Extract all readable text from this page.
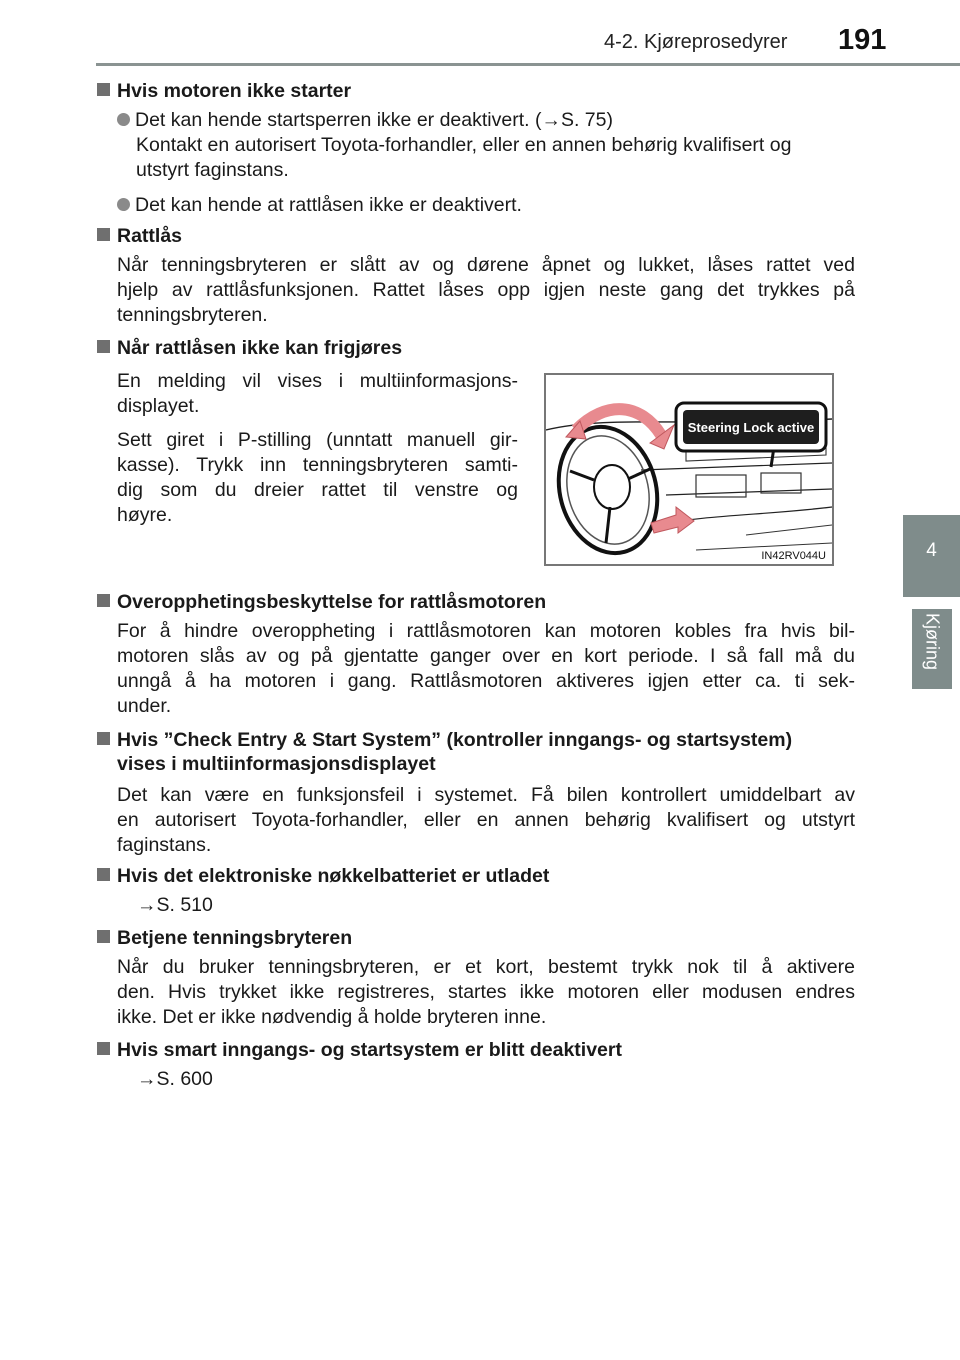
4-2. Kjøreprosedyrer 191
4
Kjøring
Hvis motoren ikke starter
Det kan hende startsperren ikke er deaktivert. (→S. 75)
Kontakt en autorisert Toyota-forhandler, eller en annen behørig kvalifisert og
utstyrt faginstans.
Det kan hende at rattlåsen ikke er deaktivert.
Rattlås
Når tenningsbryteren er slått av og dørene åpnet og lukket, låses rattet ved
hjelp av rattlåsfunksjonen. Rattet låses opp igjen neste gang det trykkes på
tenningsbryteren.
Når rattlåsen ikke kan frigjøres
En melding vil vises i multiinformasjons-
displayet.
Sett giret i P-stilling (unntatt manuell gir-
kasse). Trykk inn tenningsbryteren samti-
dig som du dreier rattet til venstre og
høyre.
Steering Lock active
IN42RV044U
Overopphetingsbeskyttelse for rattlåsmotoren
For å hindre overoppheting i rattlåsmotoren kan motoren kobles fra hvis bil-
motoren slås av og på gjentatte ganger over en kort periode. I så fall må du
unngå å ha motoren i gang. Rattlåsmotoren aktiveres igjen etter ca. ti sek-
under.
Hvis ”Check Entry & Start System” (kontroller inngangs- og startsystem)
vises i multiinformasjonsdisplayet
Det kan være en funksjonsfeil i systemet. Få bilen kontrollert umiddelbart av
en autorisert Toyota-forhandler, eller en annen behørig kvalifisert og utstyrt
faginstans.
Hvis det elektroniske nøkkelbatteriet er utladet
→S. 510
Betjene tenningsbryteren
Når du bruker tenningsbryteren, er et kort, bestemt trykk nok til å aktivere
den. Hvis trykket ikke registreres, startes ikke motoren eller modusen endres
ikke. Det er ikke nødvendig å holde bryteren inne.
Hvis smart inngangs- og startsystem er blitt deaktivert
→S. 600
